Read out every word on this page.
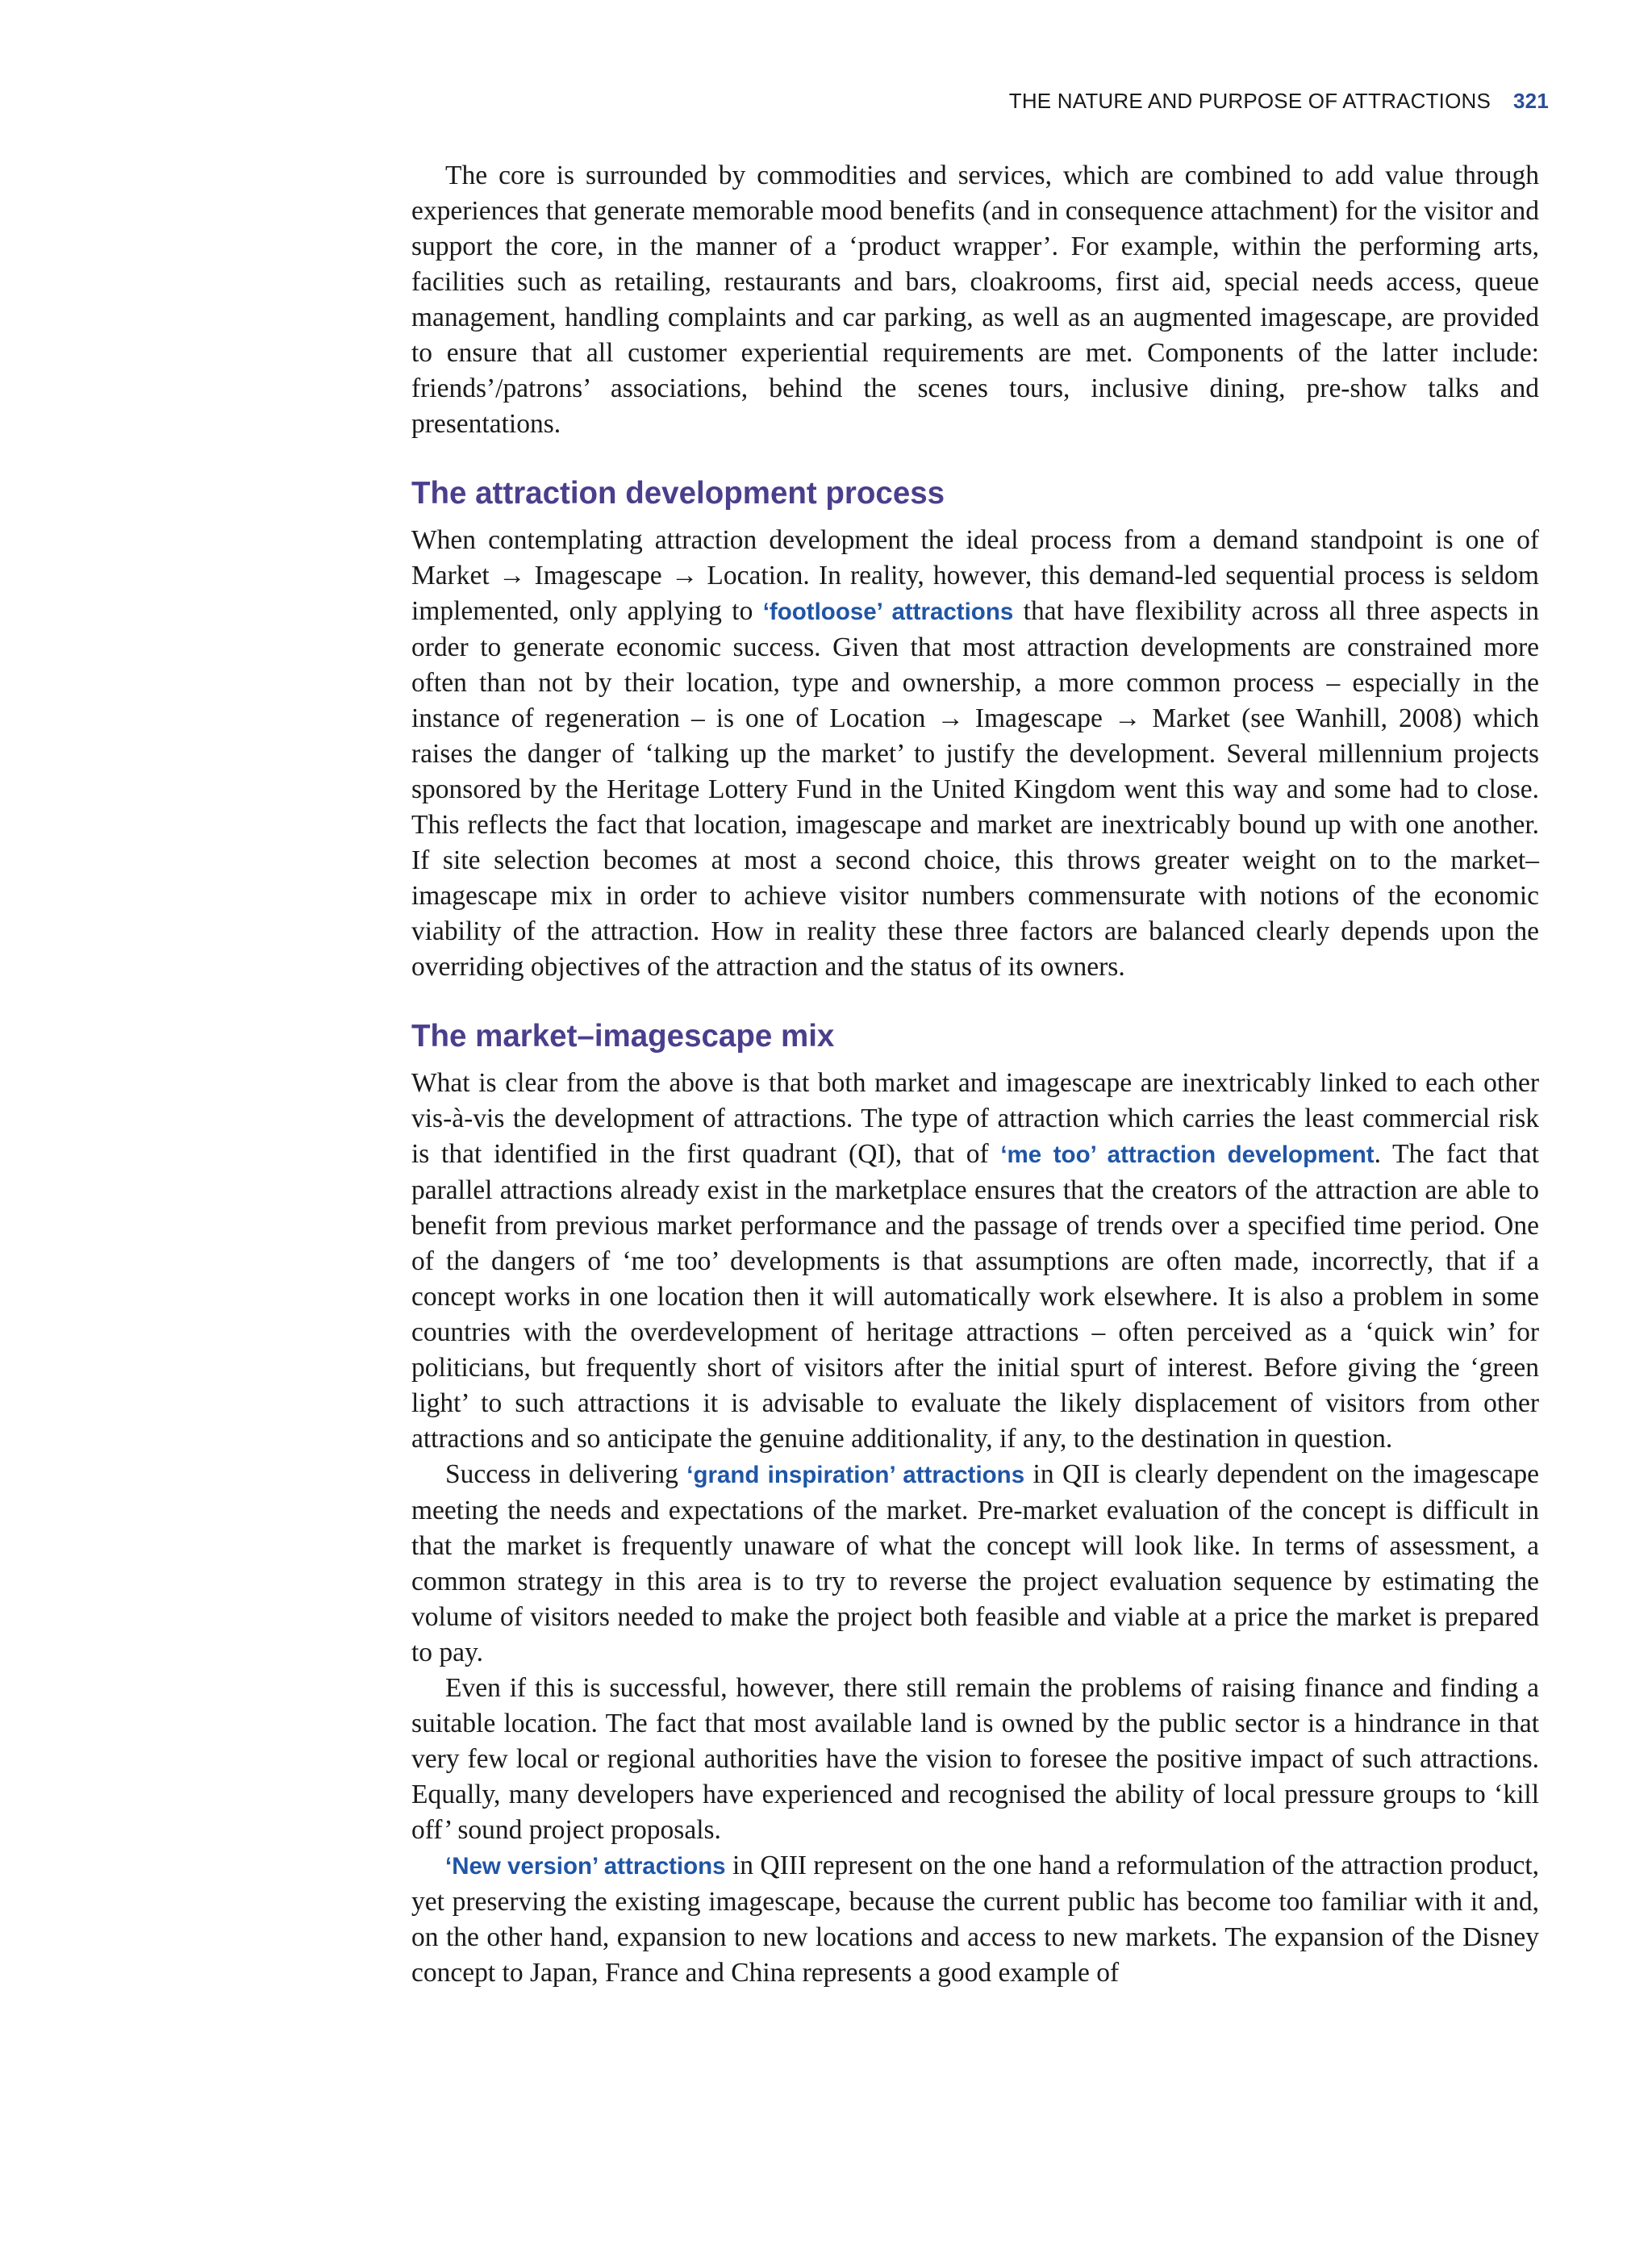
THE NATURE AND PURPOSE OF ATTRACTIONS 321

The core is surrounded by commodities and services, which are combined to add value through experiences that generate memorable mood benefits (and in consequence attachment) for the visitor and support the core, in the manner of a ‘product wrapper’. For example, within the performing arts, facilities such as retailing, restaurants and bars, cloakrooms, first aid, special needs access, queue management, handling complaints and car parking, as well as an augmented imagescape, are provided to ensure that all customer experiential requirements are met. Components of the latter include: friends’/patrons’ associations, behind the scenes tours, inclusive dining, pre-show talks and presentations.

The attraction development process

When contemplating attraction development the ideal process from a demand standpoint is one of Market → Imagescape → Location. In reality, however, this demand-led sequential process is seldom implemented, only applying to ‘footloose’ attractions that have flexibility across all three aspects in order to generate economic success. Given that most attraction developments are constrained more often than not by their location, type and ownership, a more common process – especially in the instance of regeneration – is one of Location → Imagescape → Market (see Wanhill, 2008) which raises the danger of ‘talking up the market’ to justify the development. Several millennium projects sponsored by the Heritage Lottery Fund in the United Kingdom went this way and some had to close. This reflects the fact that location, imagescape and market are inextricably bound up with one another. If site selection becomes at most a second choice, this throws greater weight on to the market–imagescape mix in order to achieve visitor numbers commensurate with notions of the economic viability of the attraction. How in reality these three factors are balanced clearly depends upon the overriding objectives of the attraction and the status of its owners.

The market–imagescape mix

What is clear from the above is that both market and imagescape are inextricably linked to each other vis-à-vis the development of attractions. The type of attraction which carries the least commercial risk is that identified in the first quadrant (QI), that of ‘me too’ attraction development. The fact that parallel attractions already exist in the marketplace ensures that the creators of the attraction are able to benefit from previous market performance and the passage of trends over a specified time period. One of the dangers of ‘me too’ developments is that assumptions are often made, incorrectly, that if a concept works in one location then it will automatically work elsewhere. It is also a problem in some countries with the overdevelopment of heritage attractions – often perceived as a ‘quick win’ for politicians, but frequently short of visitors after the initial spurt of interest. Before giving the ‘green light’ to such attractions it is advisable to evaluate the likely displacement of visitors from other attractions and so anticipate the genuine additionality, if any, to the destination in question.

Success in delivering ‘grand inspiration’ attractions in QII is clearly dependent on the imagescape meeting the needs and expectations of the market. Pre-market evaluation of the concept is difficult in that the market is frequently unaware of what the concept will look like. In terms of assessment, a common strategy in this area is to try to reverse the project evaluation sequence by estimating the volume of visitors needed to make the project both feasible and viable at a price the market is prepared to pay.

Even if this is successful, however, there still remain the problems of raising finance and finding a suitable location. The fact that most available land is owned by the public sector is a hindrance in that very few local or regional authorities have the vision to foresee the positive impact of such attractions. Equally, many developers have experienced and recognised the ability of local pressure groups to ‘kill off’ sound project proposals.

‘New version’ attractions in QIII represent on the one hand a reformulation of the attraction product, yet preserving the existing imagescape, because the current public has become too familiar with it and, on the other hand, expansion to new locations and access to new markets. The expansion of the Disney concept to Japan, France and China represents a good example of
